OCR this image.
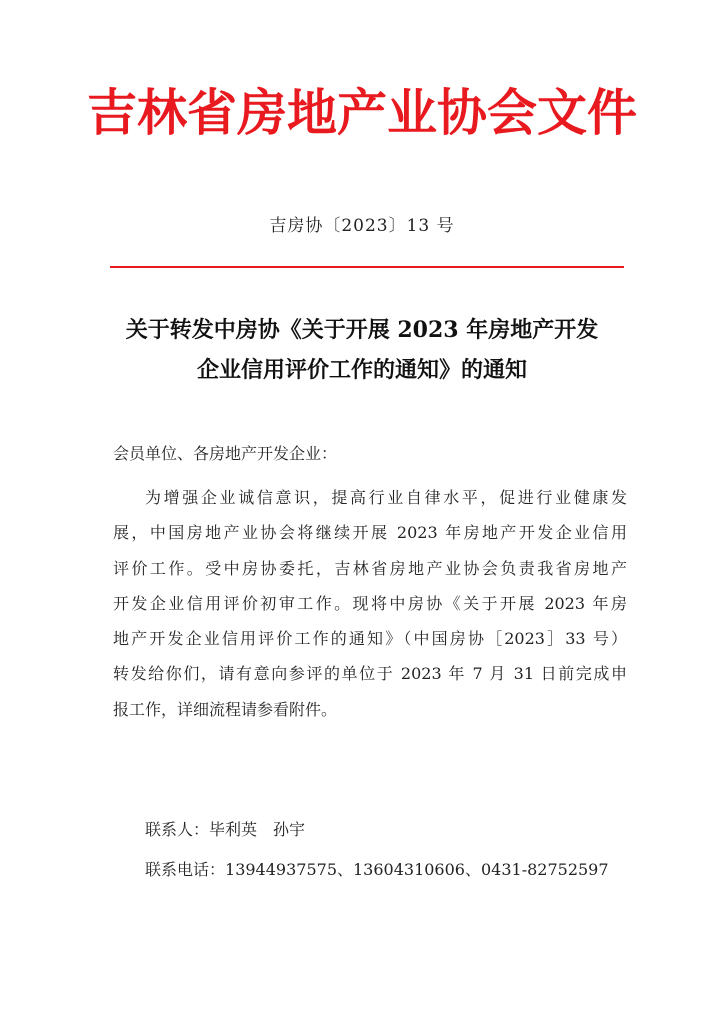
吉林省房地产业协会文件
吉房协〔2023〕13 号
关于转发中房协《关于开展 2023 年房地产开发
企业信用评价工作的通知》的通知
会员单位、各房地产开发企业：
为增强企业诚信意识，提高行业自律水平，促进行业健康发
展，中国房地产业协会将继续开展 2023 年房地产开发企业信用
评价工作。受中房协委托，吉林省房地产业协会负责我省房地产
开发企业信用评价初审工作。现将中房协《关于开展 2023 年房
地产开发企业信用评价工作的通知》（中国房协［2023］33 号）
转发给你们，请有意向参评的单位于 2023 年 7 月 31 日前完成申
报工作，详细流程请参看附件。
联系人：毕利英　孙宇
联系电话：13944937575、13604310606、0431-82752597
